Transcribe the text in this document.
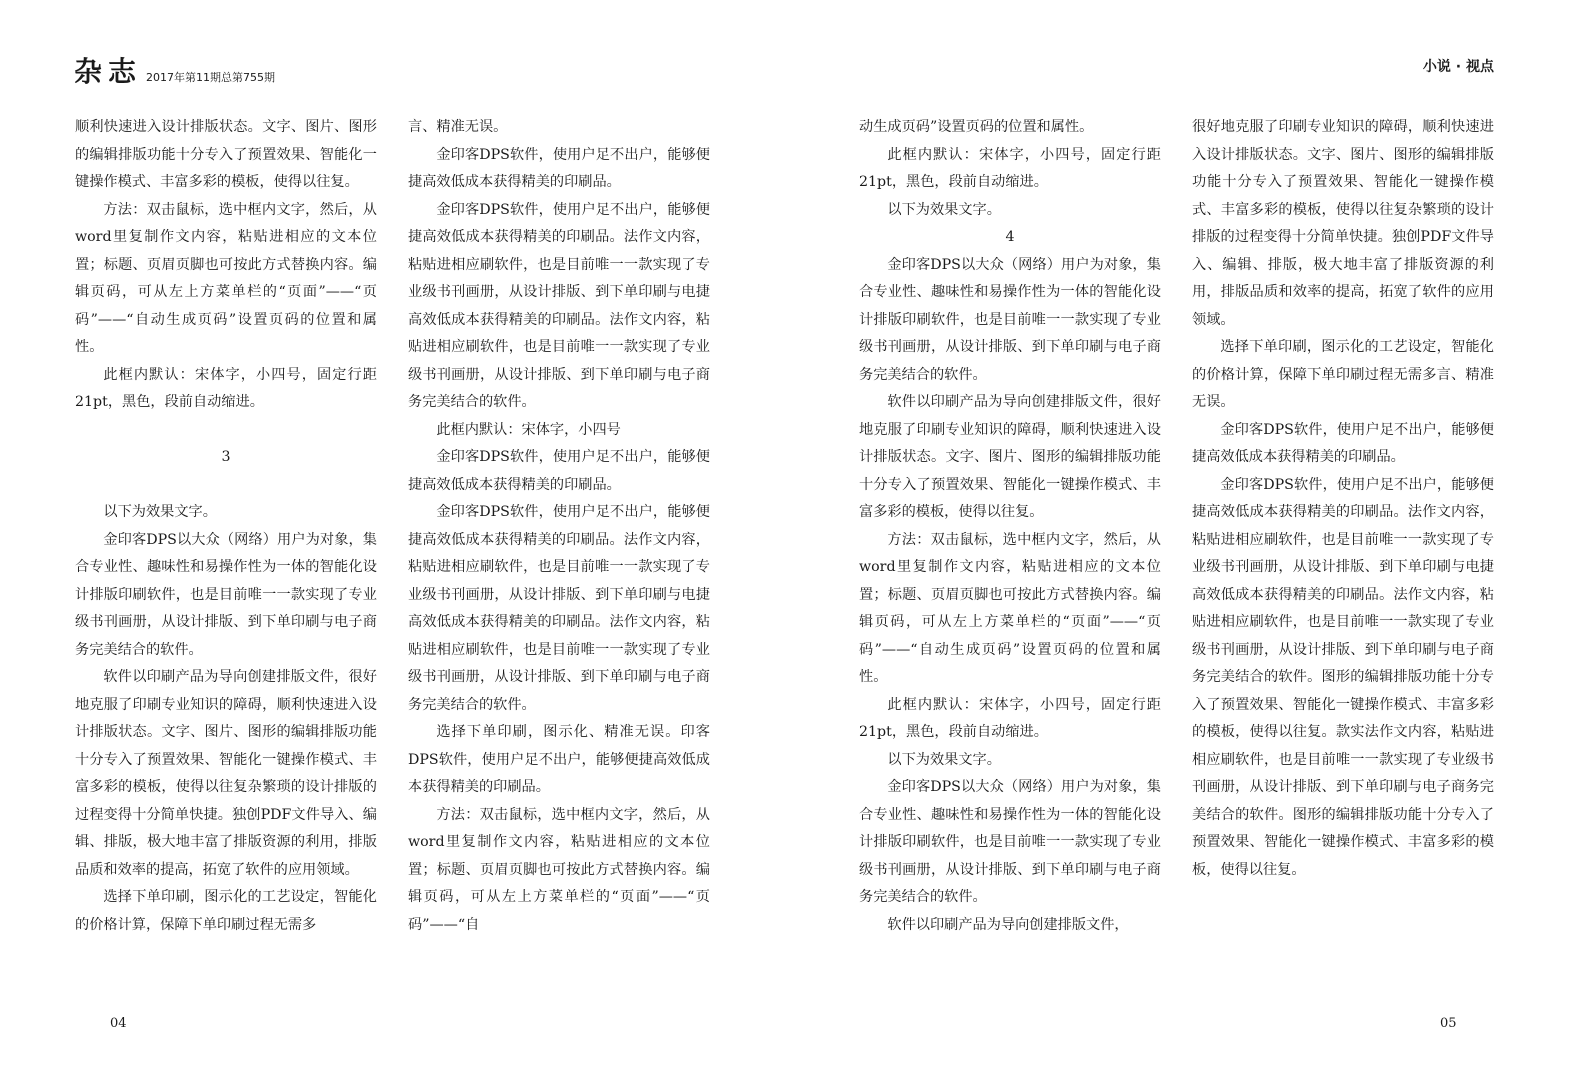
杂志 2017年第11期总第755期

顺利快速进入设计排版状态。文字、图片、图形的编辑排版功能十分专入了预置效果、智能化一键操作模式、丰富多彩的模板，使得以往复。

方法：双击鼠标，选中框内文字，然后，从word里复制作文内容，粘贴进相应的文本位置；标题、页眉页脚也可按此方式替换内容。编辑页码，可从左上方菜单栏的“页面”——“页码”——“自动生成页码”设置页码的位置和属性。

此框内默认：宋体字，小四号，固定行距21pt，黑色，段前自动缩进。

3

以下为效果文字。

金印客DPS以大众（网络）用户为对象，集合专业性、趣味性和易操作性为一体的智能化设计排版印刷软件，也是目前唯一一款实现了专业级书刊画册，从设计排版、到下单印刷与电子商务完美结合的软件。

软件以印刷产品为导向创建排版文件，很好地克服了印刷专业知识的障碍，顺利快速进入设计排版状态。文字、图片、图形的编辑排版功能十分专入了预置效果、智能化一键操作模式、丰富多彩的模板，使得以往复杂繁琐的设计排版的过程变得十分简单快捷。独创PDF文件导入、编辑、排版，极大地丰富了排版资源的利用，排版品质和效率的提高，拓宽了软件的应用领域。

选择下单印刷，图示化的工艺设定，智能化的价格计算，保障下单印刷过程无需多

言、精准无误。

金印客DPS软件，使用户足不出户，能够便捷高效低成本获得精美的印刷品。

金印客DPS软件，使用户足不出户，能够便捷高效低成本获得精美的印刷品。法作文内容，粘贴进相应刷软件，也是目前唯一一款实现了专业级书刊画册，从设计排版、到下单印刷与电捷高效低成本获得精美的印刷品。法作文内容，粘贴进相应刷软件，也是目前唯一一款实现了专业级书刊画册，从设计排版、到下单印刷与电子商务完美结合的软件。

此框内默认：宋体字，小四号

金印客DPS软件，使用户足不出户，能够便捷高效低成本获得精美的印刷品。

金印客DPS软件，使用户足不出户，能够便捷高效低成本获得精美的印刷品。法作文内容，粘贴进相应刷软件，也是目前唯一一款实现了专业级书刊画册，从设计排版、到下单印刷与电捷高效低成本获得精美的印刷品。法作文内容，粘贴进相应刷软件，也是目前唯一一款实现了专业级书刊画册，从设计排版、到下单印刷与电子商务完美结合的软件。

选择下单印刷，图示化、精准无误。印客DPS软件，使用户足不出户，能够便捷高效低成本获得精美的印刷品。

方法：双击鼠标，选中框内文字，然后，从word里复制作文内容，粘贴进相应的文本位置；标题、页眉页脚也可按此方式替换内容。编辑页码，可从左上方菜单栏的“页面”——“页码”——“自

04
小说 · 视点

动生成页码”设置页码的位置和属性。

此框内默认：宋体字，小四号，固定行距21pt，黑色，段前自动缩进。

以下为效果文字。

4

金印客DPS以大众（网络）用户为对象，集合专业性、趣味性和易操作性为一体的智能化设计排版印刷软件，也是目前唯一一款实现了专业级书刊画册，从设计排版、到下单印刷与电子商务完美结合的软件。

软件以印刷产品为导向创建排版文件，很好地克服了印刷专业知识的障碍，顺利快速进入设计排版状态。文字、图片、图形的编辑排版功能十分专入了预置效果、智能化一键操作模式、丰富多彩的模板，使得以往复。

方法：双击鼠标，选中框内文字，然后，从word里复制作文内容，粘贴进相应的文本位置；标题、页眉页脚也可按此方式替换内容。编辑页码，可从左上方菜单栏的“页面”——“页码”——“自动生成页码”设置页码的位置和属性。

此框内默认：宋体字，小四号，固定行距21pt，黑色，段前自动缩进。

以下为效果文字。

金印客DPS以大众（网络）用户为对象，集合专业性、趣味性和易操作性为一体的智能化设计排版印刷软件，也是目前唯一一款实现了专业级书刊画册，从设计排版、到下单印刷与电子商务完美结合的软件。

软件以印刷产品为导向创建排版文件，

很好地克服了印刷专业知识的障碍，顺利快速进入设计排版状态。文字、图片、图形的编辑排版功能十分专入了预置效果、智能化一键操作模式、丰富多彩的模板，使得以往复杂繁琐的设计排版的过程变得十分简单快捷。独创PDF文件导入、编辑、排版，极大地丰富了排版资源的利用，排版品质和效率的提高，拓宽了软件的应用领域。

选择下单印刷，图示化的工艺设定，智能化的价格计算，保障下单印刷过程无需多言、精准无误。

金印客DPS软件，使用户足不出户，能够便捷高效低成本获得精美的印刷品。

金印客DPS软件，使用户足不出户，能够便捷高效低成本获得精美的印刷品。法作文内容，粘贴进相应刷软件，也是目前唯一一款实现了专业级书刊画册，从设计排版、到下单印刷与电捷高效低成本获得精美的印刷品。法作文内容，粘贴进相应刷软件，也是目前唯一一款实现了专业级书刊画册，从设计排版、到下单印刷与电子商务完美结合的软件。图形的编辑排版功能十分专入了预置效果、智能化一键操作模式、丰富多彩的模板，使得以往复。款实法作文内容，粘贴进相应刷软件，也是目前唯一一款实现了专业级书刊画册，从设计排版、到下单印刷与电子商务完美结合的软件。图形的编辑排版功能十分专入了预置效果、智能化一键操作模式、丰富多彩的模板，使得以往复。

05
